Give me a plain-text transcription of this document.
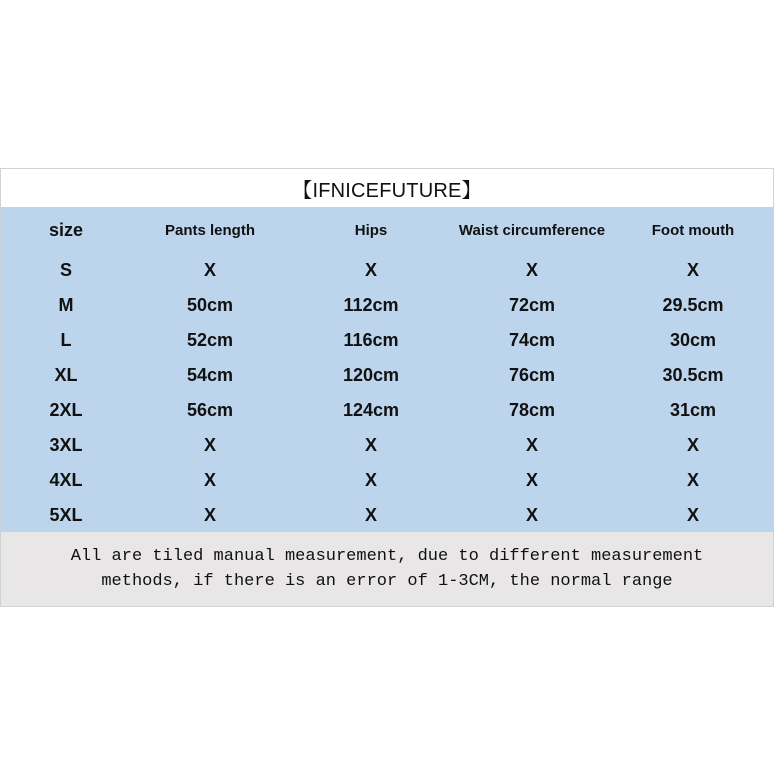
【IFNICEFUTURE】
size	Pants length	Hips	Waist circumference	Foot mouth
S	X	X	X	X
M	50cm	112cm	72cm	29.5cm
L	52cm	116cm	74cm	30cm
XL	54cm	120cm	76cm	30.5cm
2XL	56cm	124cm	78cm	31cm
3XL	X	X	X	X
4XL	X	X	X	X
5XL	X	X	X	X
All are tiled manual measurement, due to different measurement
methods, if there is an error of 1-3CM, the normal range
